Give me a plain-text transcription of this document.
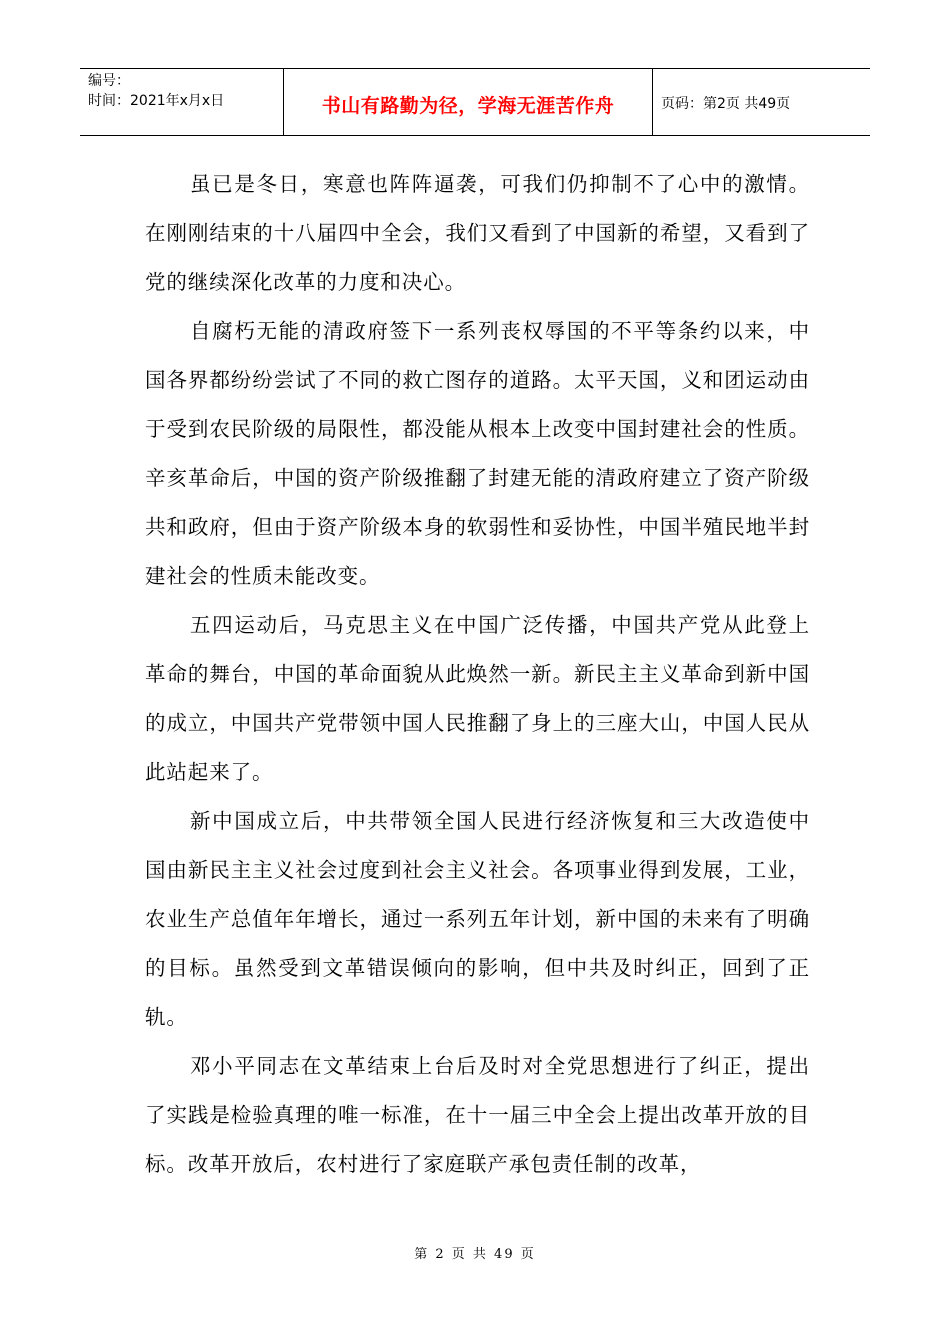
编号：
时间：2021年x月x日	书山有路勤为径，学海无涯苦作舟	页码：第2页 共49页

虽已是冬日，寒意也阵阵逼袭，可我们仍抑制不了心中的激情。在刚刚结束的十八届四中全会，我们又看到了中国新的希望，又看到了党的继续深化改革的力度和决心。

自腐朽无能的清政府签下一系列丧权辱国的不平等条约以来，中国各界都纷纷尝试了不同的救亡图存的道路。太平天国，义和团运动由于受到农民阶级的局限性，都没能从根本上改变中国封建社会的性质。辛亥革命后，中国的资产阶级推翻了封建无能的清政府建立了资产阶级共和政府，但由于资产阶级本身的软弱性和妥协性，中国半殖民地半封建社会的性质未能改变。

五四运动后，马克思主义在中国广泛传播，中国共产党从此登上革命的舞台，中国的革命面貌从此焕然一新。新民主主义革命到新中国的成立，中国共产党带领中国人民推翻了身上的三座大山，中国人民从此站起来了。

新中国成立后，中共带领全国人民进行经济恢复和三大改造使中国由新民主主义社会过度到社会主义社会。各项事业得到发展，工业，农业生产总值年年增长，通过一系列五年计划，新中国的未来有了明确的目标。虽然受到文革错误倾向的影响，但中共及时纠正，回到了正轨。

邓小平同志在文革结束上台后及时对全党思想进行了纠正，提出了实践是检验真理的唯一标准，在十一届三中全会上提出改革开放的目标。改革开放后，农村进行了家庭联产承包责任制的改革，

第 2 页 共 49 页
